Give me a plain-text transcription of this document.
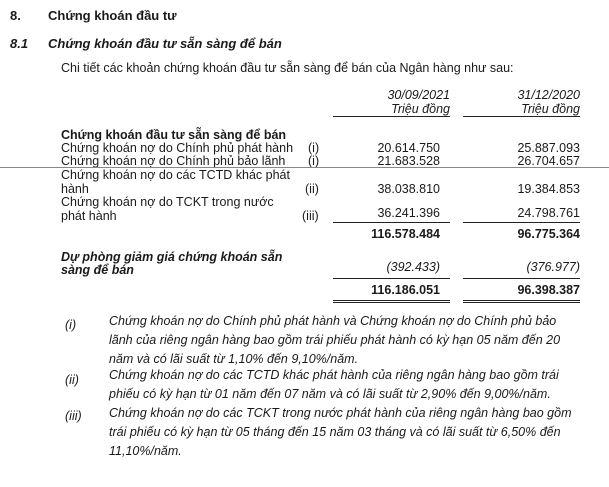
8. Chứng khoán đầu tư
8.1 Chứng khoán đầu tư sẵn sàng để bán
Chi tiết các khoản chứng khoán đầu tư sẵn sàng để bán của Ngân hàng như sau:
30/09/2021
Triệu đồng
31/12/2020
Triệu đồng
Chứng khoán đầu tư sẵn sàng để bán
Chứng khoán nợ do Chính phủ phát hành (i)	20.614.750	25.887.093
Chứng khoán nợ do Chính phủ bảo lãnh (i)	21.683.528	26.704.657
Chứng khoán nợ do các TCTD khác phát
hành	(ii)	38.038.810	19.384.853
Chứng khoán nợ do TCKT trong nước
phát hành	(iii)	36.241.396	24.798.761
116.578.484	96.775.364
Dự phòng giảm giá chứng khoán sẵn
sàng để bán	(392.433)	(376.977)
116.186.051	96.398.387
(i)	Chứng khoán nợ do Chính phủ phát hành và Chứng khoán nợ do Chính phủ bảo
lãnh của riêng ngân hàng bao gồm trái phiếu phát hành có kỳ hạn 05 năm đến 20
năm và có lãi suất từ 1,10% đến 9,10%/năm.
(ii) Chứng khoán nợ do các TCTD khác phát hành của riêng ngân hàng bao gồm trái
phiếu có kỳ hạn từ 01 năm đến 07 năm và có lãi suất từ 2,90% đến 9,00%/năm.
(iii) Chứng khoán nợ do các TCKT trong nước phát hành của riêng ngân hàng bao gồm
trái phiếu có kỳ hạn từ 05 tháng đến 15 năm 03 tháng và có lãi suất từ 6,50% đến
11,10%/năm.
